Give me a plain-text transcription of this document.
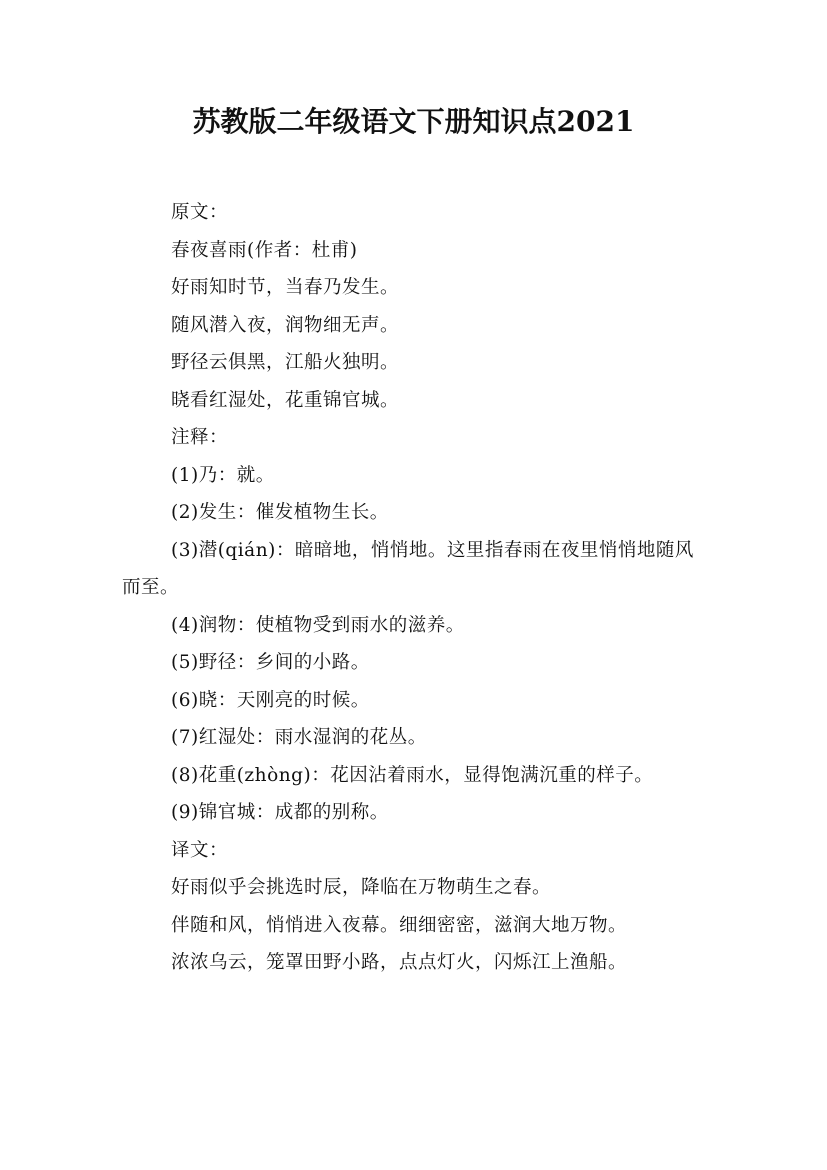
苏教版二年级语文下册知识点2021

原文：

春夜喜雨(作者：杜甫)

好雨知时节，当春乃发生。

随风潜入夜，润物细无声。

野径云俱黑，江船火独明。

晓看红湿处，花重锦官城。

注释：

(1)乃：就。

(2)发生：催发植物生长。

(3)潜(qián)：暗暗地，悄悄地。这里指春雨在夜里悄悄地随风而至。

(4)润物：使植物受到雨水的滋养。

(5)野径：乡间的小路。

(6)晓：天刚亮的时候。

(7)红湿处：雨水湿润的花丛。

(8)花重(zhòng)：花因沾着雨水，显得饱满沉重的样子。

(9)锦官城：成都的别称。

译文：

好雨似乎会挑选时辰，降临在万物萌生之春。

伴随和风，悄悄进入夜幕。细细密密，滋润大地万物。

浓浓乌云，笼罩田野小路，点点灯火，闪烁江上渔船。
